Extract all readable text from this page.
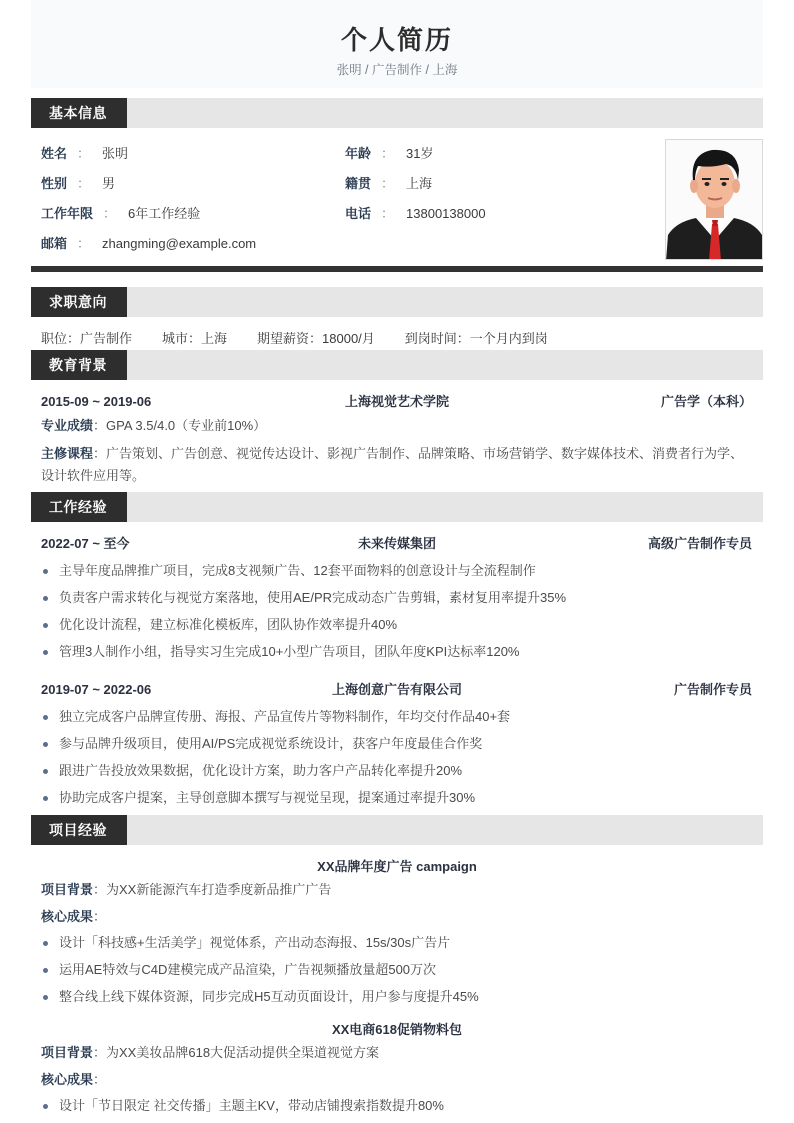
个人简历
张明 / 广告制作 / 上海
基本信息
姓名 ： 张明
性别 ： 男
工作年限 ： 6年工作经验
邮箱 ： zhangming@example.com
年龄 ： 31岁
籍贯 ： 上海
电话 ： 13800138000
求职意向
职位：广告制作 城市：上海 期望薪资：18000/月 到岗时间：一个月内到岗
教育背景
2015-09 ~ 2019-06	上海视觉艺术学院	广告学（本科）
专业成绩：GPA 3.5/4.0（专业前10%）
主修课程：广告策划、广告创意、视觉传达设计、影视广告制作、品牌策略、市场营销学、数字媒体技术、消费者行为学、设计软件应用等。
工作经验
2022-07 ~ 至今	未来传媒集团	高级广告制作专员
主导年度品牌推广项目，完成8支视频广告、12套平面物料的创意设计与全流程制作
负责客户需求转化与视觉方案落地，使用AE/PR完成动态广告剪辑，素材复用率提升35%
优化设计流程，建立标准化模板库，团队协作效率提升40%
管理3人制作小组，指导实习生完成10+小型广告项目，团队年度KPI达标率120%
2019-07 ~ 2022-06	上海创意广告有限公司	广告制作专员
独立完成客户品牌宣传册、海报、产品宣传片等物料制作，年均交付作品40+套
参与品牌升级项目，使用AI/PS完成视觉系统设计，获客户年度最佳合作奖
跟进广告投放效果数据，优化设计方案，助力客户产品转化率提升20%
协助完成客户提案，主导创意脚本撰写与视觉呈现，提案通过率提升30%
项目经验
XX品牌年度广告 campaign
项目背景：为XX新能源汽车打造季度新品推广广告
核心成果：
设计「科技感+生活美学」视觉体系，产出动态海报、15s/30s广告片
运用AE特效与C4D建模完成产品渲染，广告视频播放量超500万次
整合线上线下媒体资源，同步完成H5互动页面设计，用户参与度提升45%
XX电商618促销物料包
项目背景：为XX美妆品牌618大促活动提供全渠道视觉方案
核心成果：
设计「节日限定 社交传播」主题主KV，带动店铺搜索指数提升80%
